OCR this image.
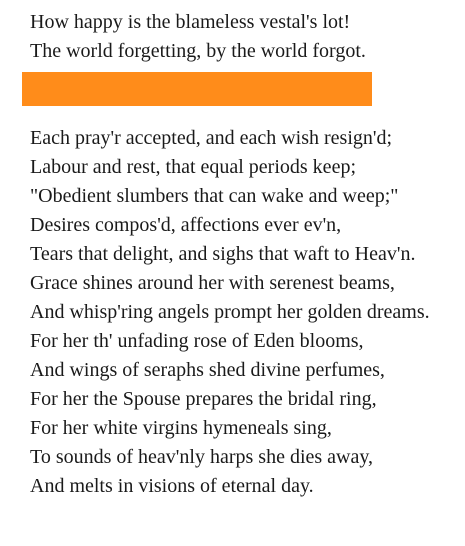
How happy is the blameless vestal's lot!
The world forgetting, by the world forgot.
Each pray'r accepted, and each wish resign'd;
Labour and rest, that equal periods keep;
"Obedient slumbers that can wake and weep;"
Desires compos'd, affections ever ev'n,
Tears that delight, and sighs that waft to Heav'n.
Grace shines around her with serenest beams,
And whisp'ring angels prompt her golden dreams.
For her th' unfading rose of Eden blooms,
And wings of seraphs shed divine perfumes,
For her the Spouse prepares the bridal ring,
For her white virgins hymeneals sing,
To sounds of heav'nly harps she dies away,
And melts in visions of eternal day.
